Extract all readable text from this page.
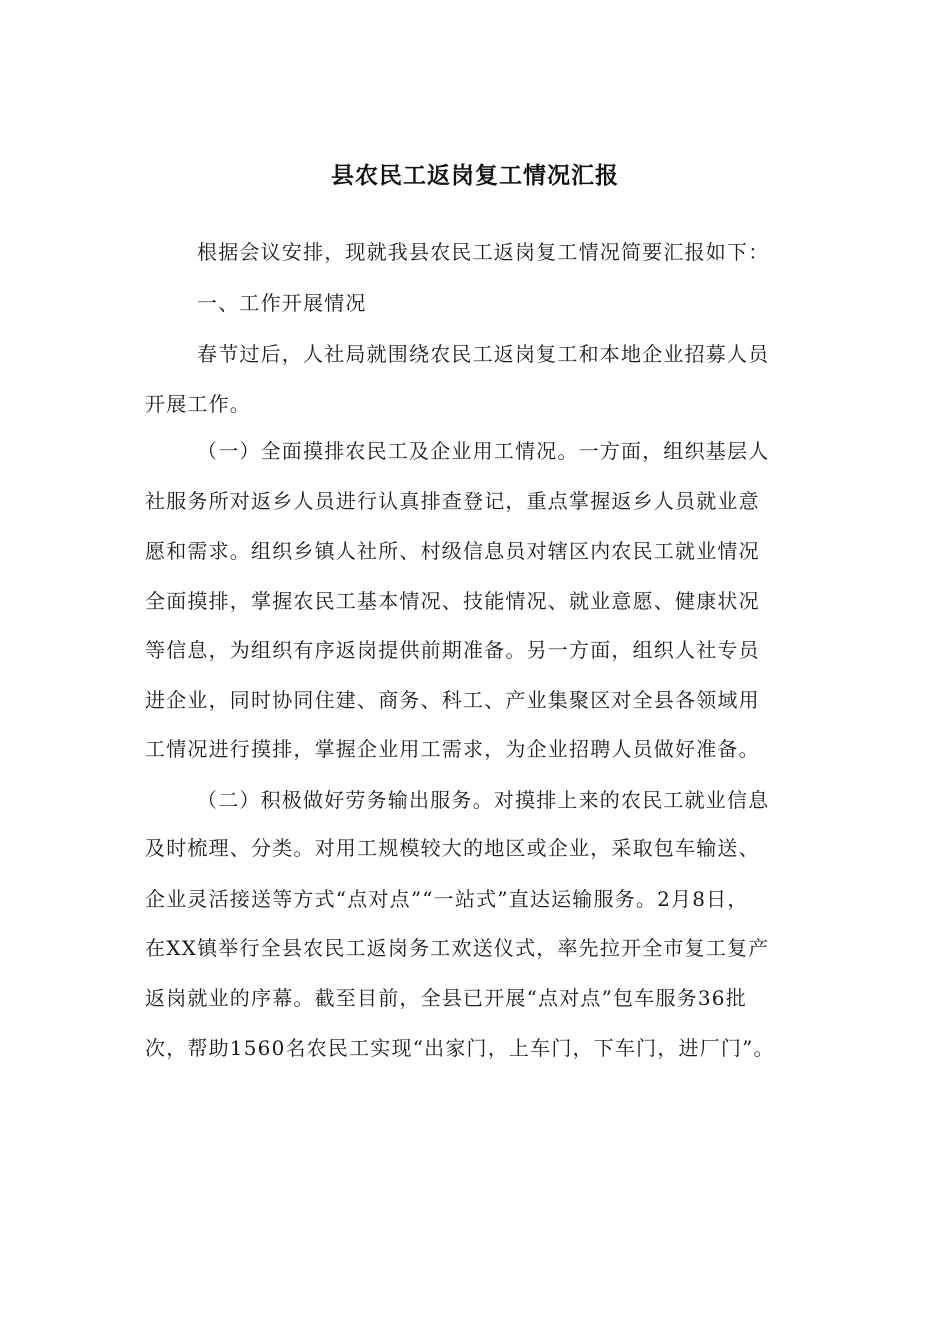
县农民工返岗复工情况汇报
根据会议安排，现就我县农民工返岗复工情况简要汇报如下：
一、工作开展情况
春节过后，人社局就围绕农民工返岗复工和本地企业招募人员
开展工作。
（一）全面摸排农民工及企业用工情况。一方面，组织基层人
社服务所对返乡人员进行认真排查登记，重点掌握返乡人员就业意
愿和需求。组织乡镇人社所、村级信息员对辖区内农民工就业情况
全面摸排，掌握农民工基本情况、技能情况、就业意愿、健康状况
等信息，为组织有序返岗提供前期准备。另一方面，组织人社专员
进企业，同时协同住建、商务、科工、产业集聚区对全县各领域用
工情况进行摸排，掌握企业用工需求，为企业招聘人员做好准备。
（二）积极做好劳务输出服务。对摸排上来的农民工就业信息
及时梳理、分类。对用工规模较大的地区或企业，采取包车输送、
企业灵活接送等方式“点对点”“一站式”直达运输服务。2月8日，
在XX镇举行全县农民工返岗务工欢送仪式，率先拉开全市复工复产
返岗就业的序幕。截至目前，全县已开展“点对点”包车服务36批
次，帮助1560名农民工实现“出家门，上车门，下车门，进厂门”。
